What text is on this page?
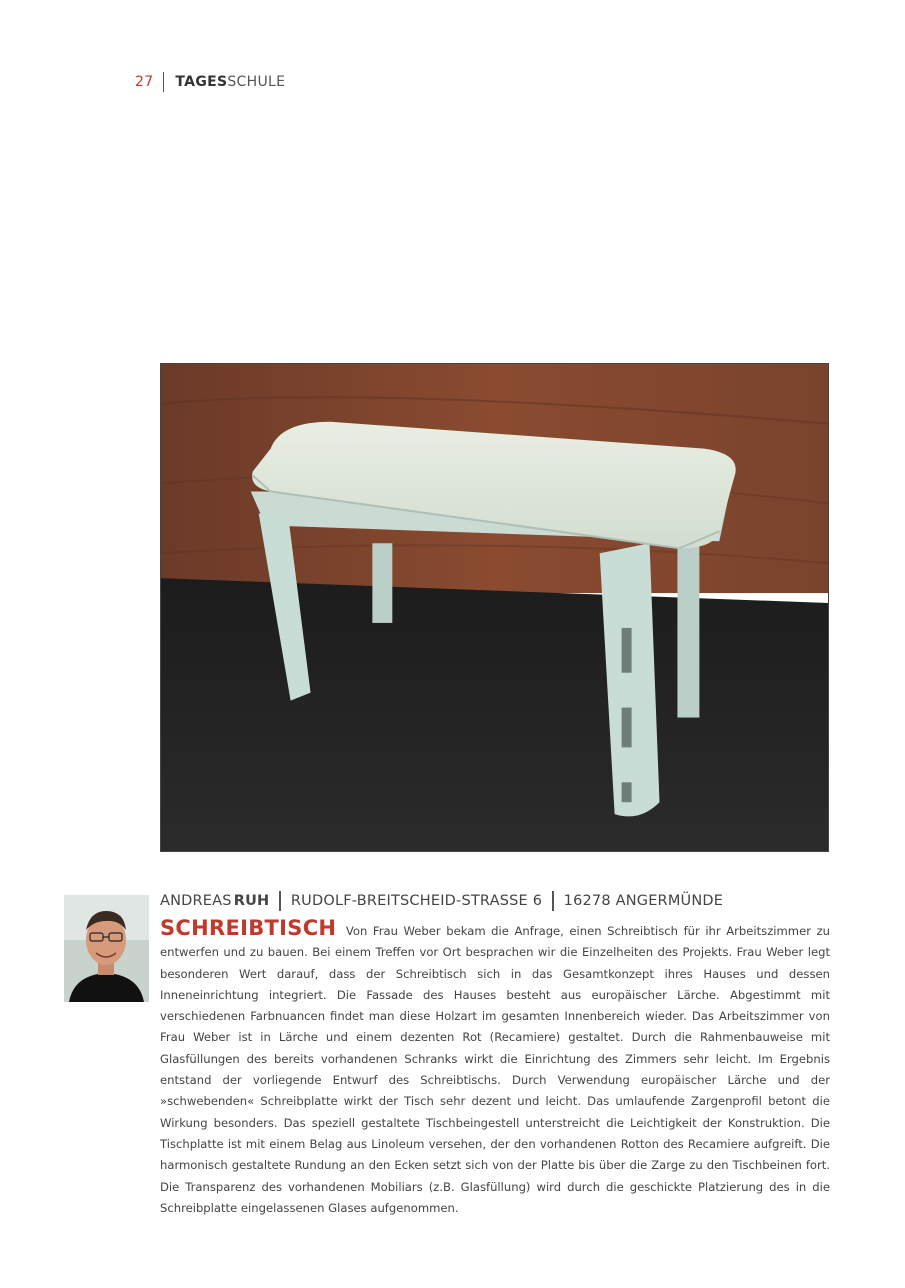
27 TAGES SCHULE
ANDREAS RUH RUDOLF-BREITSCHEID-STRASSE 6 16278 ANGERMÜNDE
SCHREIBTISCH Von Frau Weber bekam die Anfrage, einen Schreibtisch für ihr Arbeitszimmer zu entwerfen und zu bauen. Bei einem Treffen vor Ort besprachen wir die Einzelheiten des Projekts. Frau Weber legt besonderen Wert darauf, dass der Schreibtisch sich in das Gesamtkonzept ihres Hauses und dessen Inneneinrichtung integriert. Die Fassade des Hauses besteht aus europäischer Lärche. Abgestimmt mit verschiedenen Farbnuancen findet man diese Holzart im gesamten Innenbereich wieder. Das Arbeitszimmer von Frau Weber ist in Lärche und einem dezenten Rot (Recamiere) gestaltet. Durch die Rahmenbauweise mit Glasfüllungen des bereits vorhandenen Schranks wirkt die Einrichtung des Zimmers sehr leicht. Im Ergebnis entstand der vorliegende Entwurf des Schreibtischs. Durch Verwendung europäischer Lärche und der »schwebenden« Schreibplatte wirkt der Tisch sehr dezent und leicht. Das umlaufende Zargenprofil betont die Wirkung besonders. Das speziell gestaltete Tischbeingestell unterstreicht die Leichtigkeit der Konstruktion. Die Tischplatte ist mit einem Belag aus Linoleum versehen, der den vorhandenen Rotton des Recamiere aufgreift. Die harmonisch gestaltete Rundung an den Ecken setzt sich von der Platte bis über die Zarge zu den Tischbeinen fort. Die Transparenz des vorhandenen Mobiliars (z.B. Glasfüllung) wird durch die geschickte Platzierung des in die Schreibplatte eingelassenen Glases aufgenommen.
